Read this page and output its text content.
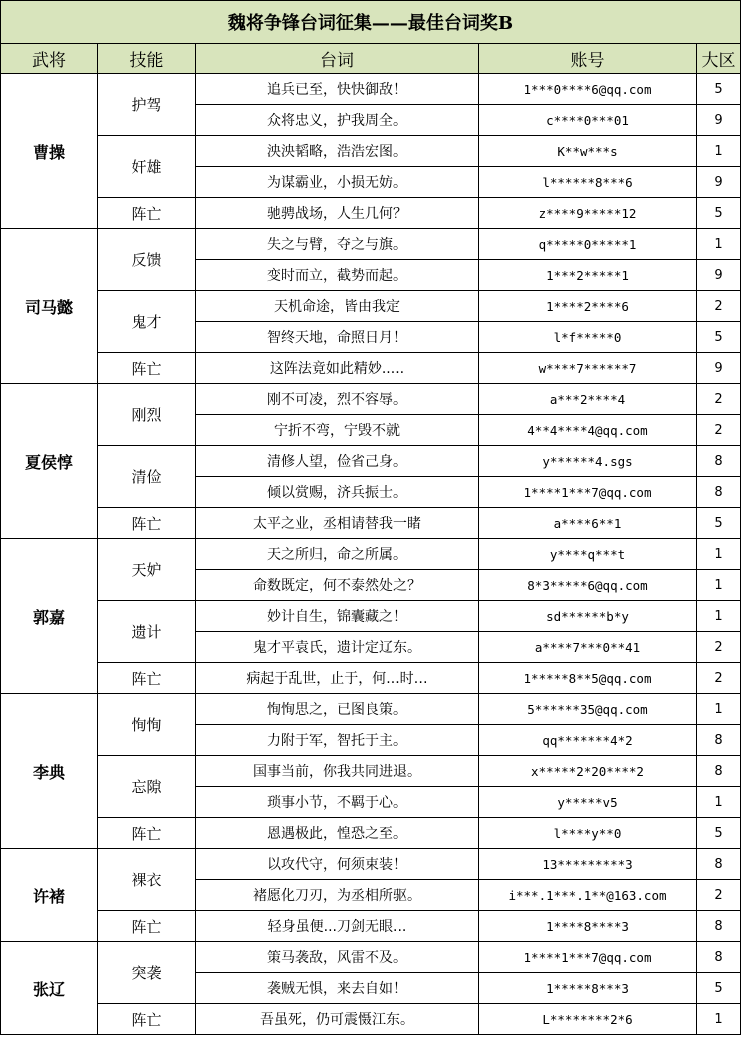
魏将争锋台词征集——最佳台词奖B				
武将	技能	台词	账号	大区
曹操	护驾	追兵已至，快快御敌！	1***0****6@qq.com	5
		众将忠义，护我周全。	c****0***01	9
	奸雄	泱泱韬略，浩浩宏图。	K**w***s	1
		为谋霸业，小损无妨。	l******8***6	9
	阵亡	驰骋战场，人生几何？	z****9*****12	5
司马懿	反馈	失之与臂，夺之与旗。	q*****0*****1	1
		变时而立，截势而起。	1***2*****1	9
	鬼才	天机命途，皆由我定	1****2****6	2
		智终天地，命照日月！	l*f*****0	5
	阵亡	这阵法竟如此精妙.....	w****7******7	9
夏侯惇	刚烈	刚不可凌，烈不容辱。	a***2****4	2
		宁折不弯，宁毁不就	4**4****4@qq.com	2
	清俭	清修人望，俭省己身。	y******4.sgs	8
		倾以赏赐，济兵振士。	1****1***7@qq.com	8
	阵亡	太平之业，丞相请替我一睹	a****6**1	5
郭嘉	天妒	天之所归，命之所属。	y****q***t	1
		命数既定，何不泰然处之？	8*3*****6@qq.com	1
	遗计	妙计自生，锦囊藏之！	sd******b*y	1
		鬼才平袁氏，遗计定辽东。	a****7***0**41	2
	阵亡	病起于乱世，止于，何...时…	1*****8**5@qq.com	2
李典	恂恂	恂恂思之，已图良策。	5******35@qq.com	1
		力附于军，智托于主。	qq*******4*2	8
	忘隙	国事当前，你我共同进退。	x*****2*20****2	8
		琐事小节，不羁于心。	y*****v5	1
	阵亡	恩遇极此，惶恐之至。	l****y**0	5
许褚	裸衣	以攻代守，何须束装！	13*********3	8
		褚愿化刀刃，为丞相所驱。	i***.1***.1**@163.com	2
	阵亡	轻身虽便...刀剑无眼...	1****8****3	8
张辽	突袭	策马袭敌，风雷不及。	1****1***7@qq.com	8
		袭贼无惧，来去自如！	1*****8***3	5
	阵亡	吾虽死，仍可震慑江东。	L********2*6	1
